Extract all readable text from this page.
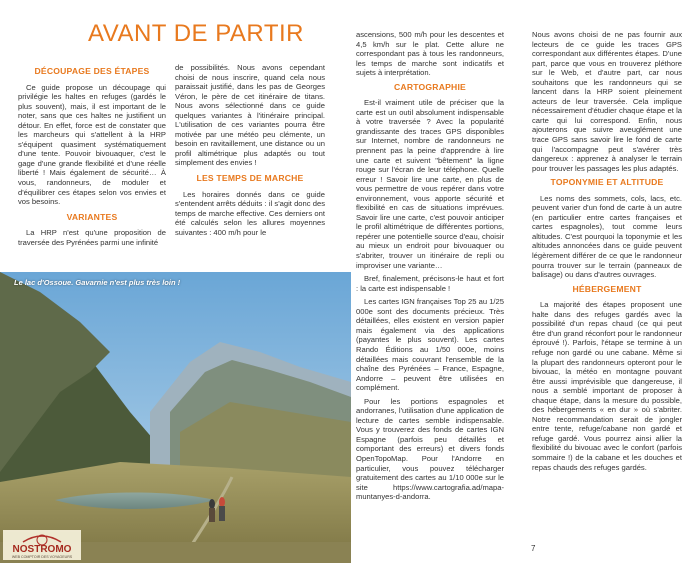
AVANT DE PARTIR
DÉCOUPAGE DES ÉTAPES

Ce guide propose un découpage qui privilégie les haltes en refuges (gardés le plus souvent), mais, il est important de le noter, sans que ces haltes ne justifient un détour. En effet, force est de constater que les marcheurs qui s'attellent à la HRP s'équipent quasiment systématiquement d'une tente. Pouvoir bivouaquer, c'est le gage d'une grande flexibilité et d'une réelle liberté ! Mais également de sécurité… À vous, randonneurs, de moduler et d'équilibrer ces étapes selon vos envies et vos besoins.

VARIANTES

La HRP n'est qu'une proposition de traversée des Pyrénées parmi une infinité

de possibilités. Nous avons cependant choisi de nous inscrire, quand cela nous paraissait justifié, dans les pas de Georges Véron, le père de cet itinéraire de titans. Nous avons sélectionné dans ce guide quelques variantes à l'itinéraire principal. L'utilisation de ces variantes pourra être motivée par une météo peu clémente, un besoin en ravitaillement, une distance ou un profil altimétrique plus adaptés ou tout simplement des envies !

LES TEMPS DE MARCHE

Les horaires donnés dans ce guide s'entendent arrêts déduits : il s'agit donc des temps de marche effective. Ces derniers ont été calculés selon les allures moyennes suivantes : 400 m/h pour le

Le lac d'Ossoue. Gavarnie n'est plus très loin !
NOSTROMO
WEB COMPTOIR DES VOYAGEURS

ascensions, 500 m/h pour les descentes et 4,5 km/h sur le plat. Cette allure ne correspondant pas à tous les randonneurs, les temps de marche sont indicatifs et sujets à interprétation.

CARTOGRAPHIE

Est-il vraiment utile de préciser que la carte est un outil absolument indispensable à votre traversée ? Avec la popularité grandissante des traces GPS disponibles sur Internet, nombre de randonneurs ne prennent pas la peine d'apprendre à lire une carte et suivent "bêtement" la ligne rouge sur l'écran de leur téléphone. Quelle erreur ! Savoir lire une carte, en plus de vous permettre de vous repérer dans votre environnement, vous apporte sécurité et flexibilité en cas de situations imprévues. Savoir lire une carte, c'est pouvoir anticiper le profil altimétrique de différentes portions, repérer une potentielle source d'eau, choisir au mieux un endroit pour bivouaquer ou s'abriter, trouver un itinéraire de repli ou improviser une variante…

Bref, finalement, précisons-le haut et fort : la carte est indispensable !

Les cartes IGN françaises Top 25 au 1/25 000e sont des documents précieux. Très détaillées, elles existent en version papier mais également via des applications (payantes le plus souvent). Les cartes Rando Éditions au 1/50 000e, moins détaillées mais couvrant l'ensemble de la chaîne des Pyrénées – France, Espagne, Andorre – peuvent être utilisées en complément.

Pour les portions espagnoles et andorranes, l'utilisation d'une application de lecture de cartes semble indispensable. Vous y trouverez des fonds de cartes IGN Espagne (parfois peu détaillés et comportant des erreurs) et divers fonds OpenTopoMap. Pour l'Andorre en particulier, vous pouvez télécharger gratuitement des cartes au 1/10 000e sur le site https://www.cartografia.ad/mapa-muntanyes-d-andorra.

Nous avons choisi de ne pas fournir aux lecteurs de ce guide les traces GPS correspondant aux différentes étapes. D'une part, parce que vous en trouverez pléthore sur le Web, et d'autre part, car nous souhaitons que les randonneurs qui se lancent dans la HRP soient pleinement acteurs de leur traversée. Cela implique nécessairement d'étudier chaque étape et la carte qui lui correspond. Enfin, nous ajouterons que suivre aveuglément une trace GPS sans savoir lire le fond de carte qui l'accompagne peut s'avérer très dangereux : apprenez à analyser le terrain pour trouver les passages les plus adaptés.

TOPONYMIE ET ALTITUDE

Les noms des sommets, cols, lacs, etc. peuvent varier d'un fond de carte à un autre (en particulier entre cartes françaises et cartes espagnoles), tout comme leurs altitudes. C'est pourquoi la toponymie et les altitudes annoncées dans ce guide peuvent légèrement différer de ce que le randonneur pourra trouver sur le terrain (panneaux de balisage) ou dans d'autres ouvrages.

HÉBERGEMENT

La majorité des étapes proposent une halte dans des refuges gardés avec la possibilité d'un repas chaud (ce qui peut être d'un grand réconfort pour le randonneur éprouvé !). Parfois, l'étape se termine à un refuge non gardé ou une cabane. Même si la plupart des randonneurs opteront pour le bivouac, la météo en montagne pouvant être aussi imprévisible que dangereuse, il nous a semblé important de proposer à chaque étape, dans la mesure du possible, des hébergements « en dur » où s'abriter. Notre recommandation serait de jongler entre tente, refuge/cabane non gardé et refuge gardé. Vous pourrez ainsi allier la flexibilité du bivouac avec le confort (parfois sommaire !) de la cabane et les douches et repas chauds des refuges gardés.

7
